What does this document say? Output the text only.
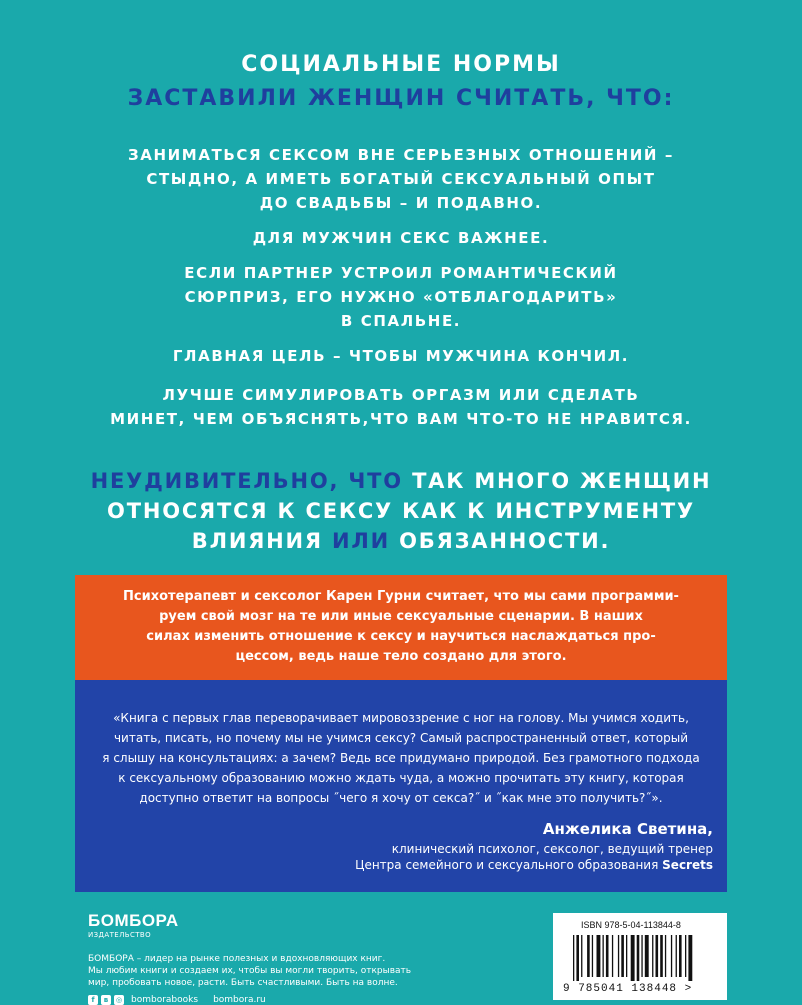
СОЦИАЛЬНЫЕ НОРМЫ
ЗАСТАВИЛИ ЖЕНЩИН СЧИТАТЬ, ЧТО:
ЗАНИМАТЬСЯ СЕКСОМ ВНЕ СЕРЬЕЗНЫХ ОТНОШЕНИЙ –
СТЫДНО, А ИМЕТЬ БОГАТЫЙ СЕКСУАЛЬНЫЙ ОПЫТ
ДО СВАДЬБЫ – И ПОДАВНО.
ДЛЯ МУЖЧИН СЕКС ВАЖНЕЕ.
ЕСЛИ ПАРТНЕР УСТРОИЛ РОМАНТИЧЕСКИЙ
СЮРПРИЗ, ЕГО НУЖНО «ОТБЛАГОДАРИТЬ»
В СПАЛЬНЕ.
ГЛАВНАЯ ЦЕЛЬ – ЧТОБЫ МУЖЧИНА КОНЧИЛ.
ЛУЧШЕ СИМУЛИРОВАТЬ ОРГАЗМ ИЛИ СДЕЛАТЬ
МИНЕТ, ЧЕМ ОБЪЯСНЯТЬ,ЧТО ВАМ ЧТО-ТО НЕ НРАВИТСЯ.
НЕУДИВИТЕЛЬНО, ЧТО ТАК МНОГО ЖЕНЩИН
ОТНОСЯТСЯ К СЕКСУ КАК К ИНСТРУМЕНТУ
ВЛИЯНИЯ ИЛИ ОБЯЗАННОСТИ.
Психотерапевт и сексолог Карен Гурни считает, что мы сами программи-
руем свой мозг на те или иные сексуальные сценарии. В наших
силах изменить отношение к сексу и научиться наслаждаться про-
цессом, ведь наше тело создано для этого.
«Книга с первых глав переворачивает мировоззрение с ног на голову. Мы учимся ходить,
читать, писать, но почему мы не учимся сексу? Самый распространенный ответ, который
я слышу на консультациях: а зачем? Ведь все придумано природой. Без грамотного подхода
к сексуальному образованию можно ждать чуда, а можно прочитать эту книгу, которая
доступно ответит на вопросы ˝чего я хочу от секса?˝ и ˝как мне это получить?˝».
Анжелика Светина,
клинический психолог, сексолог, ведущий тренер
Центра семейного и сексуального образования Secrets
БОМБОРА
ИЗДАТЕЛЬСТВО
БОМБОРА – лидер на рынке полезных и вдохновляющих книг.
Мы любим книги и создаем их, чтобы вы могли творить, открывать
мир, пробовать новое, расти. Быть счастливыми. Быть на волне.
f	в	◎ bomborabooks bombora.ru
ISBN 978-5-04-113844-8
9 785041 138448 >
